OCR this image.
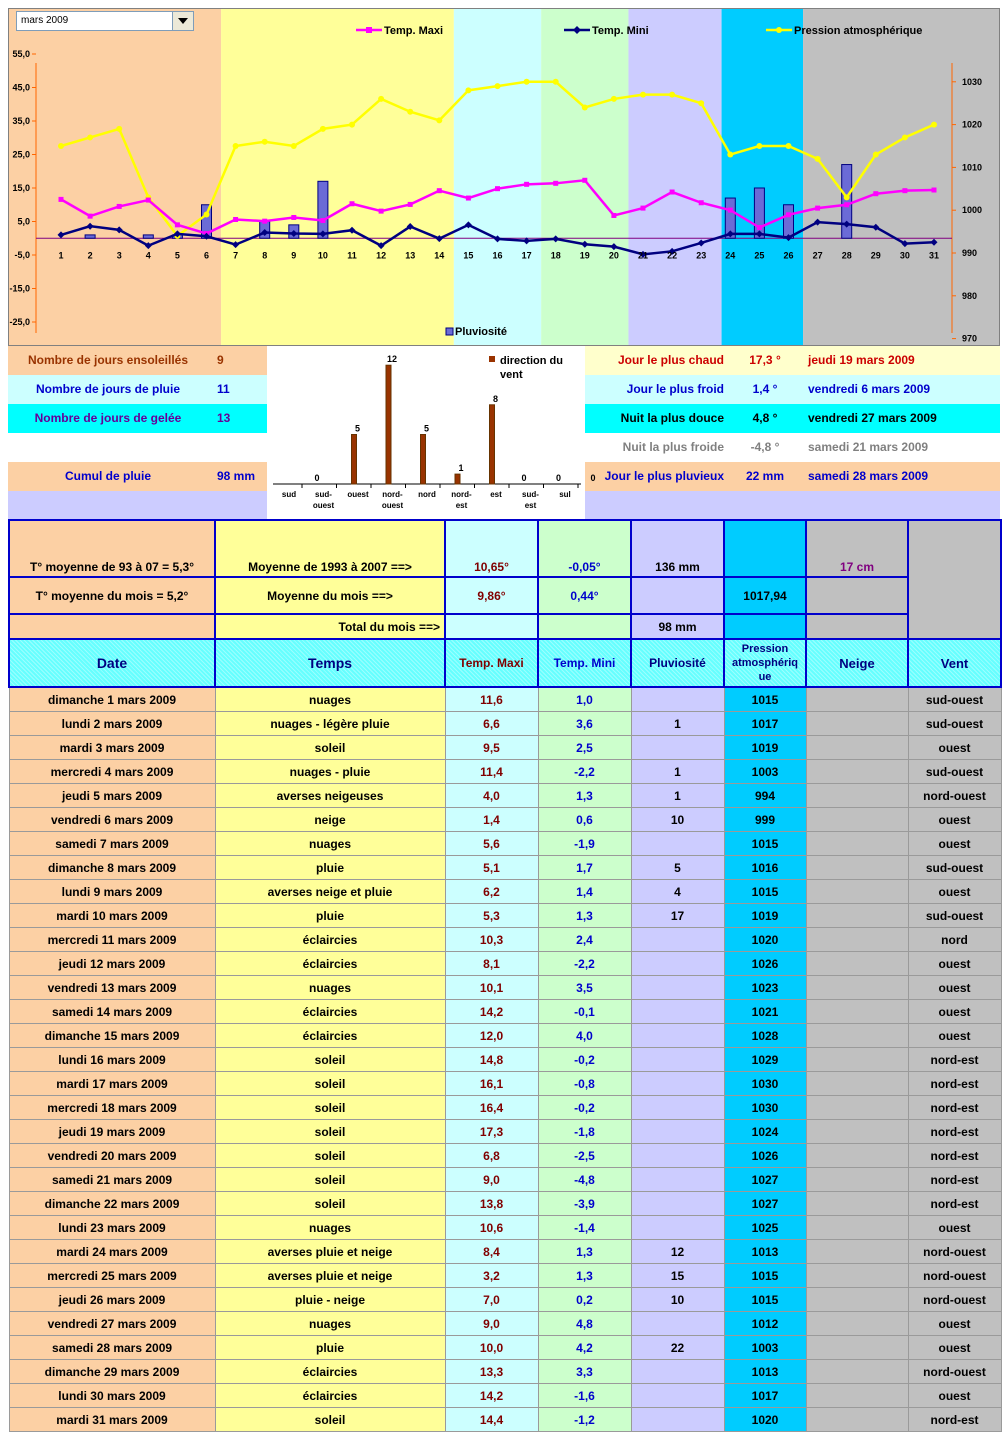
55,0
45,0
35,0
25,0
15,0
5,0
-5,0
-15,0
-25,0
1030
1020
1010
1000
990
980
970
1	2	3	4	5	6	7	8	9 10 11 12 13 14 15 16 17 18 19 20 21 22 23 24 25 26 27 28 29 30 31
Temp. Maxi	Temp. Mini	Pression atmosphérique
Pluviosité
mars 2009
Nombre de jours ensoleillés	9
Nombre de jours de pluie	11
Nombre de jours de gelée	13
Cumul de pluie	98 mm
Jour le plus chaud	17,3 °	jeudi 19 mars 2009
Jour le plus froid	1,4 °	vendredi 6 mars 2009
Nuit la plus douce	4,8 °	vendredi 27 mars 2009
Nuit la plus froide	-4,8 °	samedi 21 mars 2009
Jour le plus pluvieux	22 mm	samedi 28 mars 2009
0
sud
5
sud-ouest
12
ouest
5
nord-ouest
1
nord
8
nord-est
0
est
0
sud-est
0
sul
direction du vent
T° moyenne de 93 à 07 = 5,3°	Moyenne de 1993 à 2007 ==>	10,65°	-0,05°	136 mm		17 cm	
T° moyenne du mois = 5,2°	Moyenne du mois ==>	9,86°	0,44°		1017,94		
	Total du mois ==>			98 mm			
Date	Temps	Temp. Maxi	Temp. Mini	Pluviosité	Pression atmosphériq ue	Neige	Vent
dimanche 1 mars 2009	nuages	11,6	1,0		1015		sud-ouest
lundi 2 mars 2009	nuages - légère pluie	6,6	3,6	1	1017		sud-ouest
mardi 3 mars 2009	soleil	9,5	2,5		1019		ouest
mercredi 4 mars 2009	nuages - pluie	11,4	-2,2	1	1003		sud-ouest
jeudi 5 mars 2009	averses neigeuses	4,0	1,3	1	994		nord-ouest
vendredi 6 mars 2009	neige	1,4	0,6	10	999		ouest
samedi 7 mars 2009	nuages	5,6	-1,9		1015		ouest
dimanche 8 mars 2009	pluie	5,1	1,7	5	1016		sud-ouest
lundi 9 mars 2009	averses neige et pluie	6,2	1,4	4	1015		ouest
mardi 10 mars 2009	pluie	5,3	1,3	17	1019		sud-ouest
mercredi 11 mars 2009	éclaircies	10,3	2,4		1020		nord
jeudi 12 mars 2009	éclaircies	8,1	-2,2		1026		ouest
vendredi 13 mars 2009	nuages	10,1	3,5		1023		ouest
samedi 14 mars 2009	éclaircies	14,2	-0,1		1021		ouest
dimanche 15 mars 2009	éclaircies	12,0	4,0		1028		ouest
lundi 16 mars 2009	soleil	14,8	-0,2		1029		nord-est
mardi 17 mars 2009	soleil	16,1	-0,8		1030		nord-est
mercredi 18 mars 2009	soleil	16,4	-0,2		1030		nord-est
jeudi 19 mars 2009	soleil	17,3	-1,8		1024		nord-est
vendredi 20 mars 2009	soleil	6,8	-2,5		1026		nord-est
samedi 21 mars 2009	soleil	9,0	-4,8		1027		nord-est
dimanche 22 mars 2009	soleil	13,8	-3,9		1027		nord-est
lundi 23 mars 2009	nuages	10,6	-1,4		1025		ouest
mardi 24 mars 2009	averses pluie et neige	8,4	1,3	12	1013		nord-ouest
mercredi 25 mars 2009	averses pluie et neige	3,2	1,3	15	1015		nord-ouest
jeudi 26 mars 2009	pluie - neige	7,0	0,2	10	1015		nord-ouest
vendredi 27 mars 2009	nuages	9,0	4,8		1012		ouest
samedi 28 mars 2009	pluie	10,0	4,2	22	1003		ouest
dimanche 29 mars 2009	éclaircies	13,3	3,3		1013		nord-ouest
lundi 30 mars 2009	éclaircies	14,2	-1,6		1017		ouest
mardi 31 mars 2009	soleil	14,4	-1,2		1020		nord-est
